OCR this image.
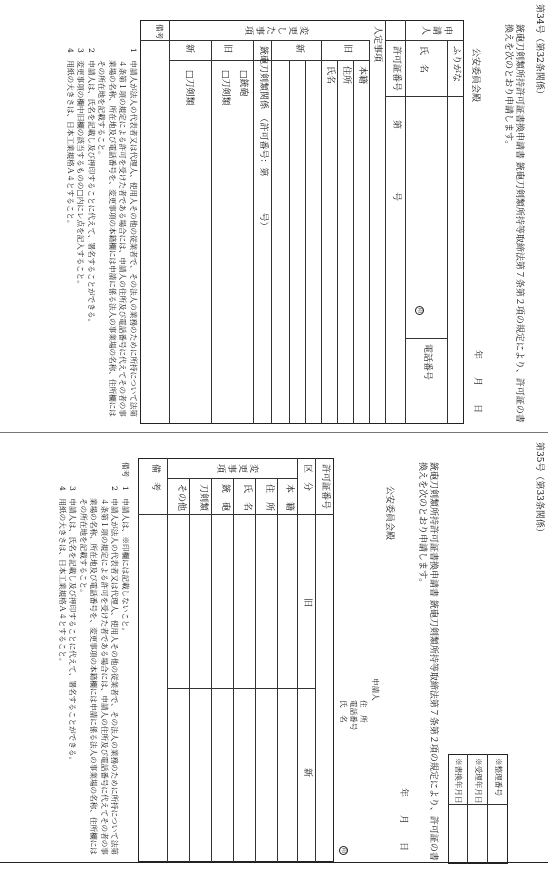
第34号（第32条関係）
銃砲刀剣類所持許可証書換申請書 銃砲刀剣類所持等取締法第７条第２項の規定により、許可証の書換えを次のとおり申請します。
公安委員会殿
年　　月　　日
申請人
ふりがな
氏　名
印
電話番号
許可証番号
第　　　　　　　号
人定事項
変更した事項
旧
本籍
住所
氏名
新
銃砲刀剣類関係　（許可番号：第　　　　号）
旧
□銃砲
□刀剣類
新
□刀剣類
備考
1　申請人が法人の代表者又は代理人、使用人その他の従業者で、その法人の業務のために所持について法第４条第１項の規定による許可を受けた者である場合には、申請人の住所及び電話番号に代えてその者の事業場の名称、所在地及び電話番号を、変更事項の本籍欄には申請に係る法人の事業場の名称、住所欄にはその所在地を記載すること。
2　申請人は、氏名を記載し及び押印することに代えて、署名することができる。
3　変更事項の欄中旧欄の該当するものの□内にレ点を記入すること。
4　用紙の大きさは、日本工業規格Ａ４とすること。
第35号（第33条関係）
※整理番号
※受理年月日
※書換年月日
銃砲刀剣類所持許可証書換申請書 銃砲刀剣類所持等取締法第７条第２項の規定により、許可証の書換えを次のとおり申請します。
年　　月　　日
公安委員会殿
申請人
住　所
電話番号
氏　名
印
許可証番号
区　分
旧
新
変更事項
本　籍
住　所
氏　名
銃　砲
刀剣類
その他
備　考
備考
1　申請人は、※印欄には記載しないこと。
2　申請人が法人の代表者又は代理人、使用人その他の従業者で、その法人の業務のために所持について法第４条第１項の規定による許可を受けた者である場合には、申請人の住所及び電話番号に代えてその者の事業場の名称、所在地及び電話番号を、変更事項の本籍欄には申請に係る法人の事業場の名称、住所欄にはその所在地を記載すること。
3　申請人は、氏名を記載し及び押印することに代えて、署名することができる。
4　用紙の大きさは、日本工業規格Ａ４とすること。
